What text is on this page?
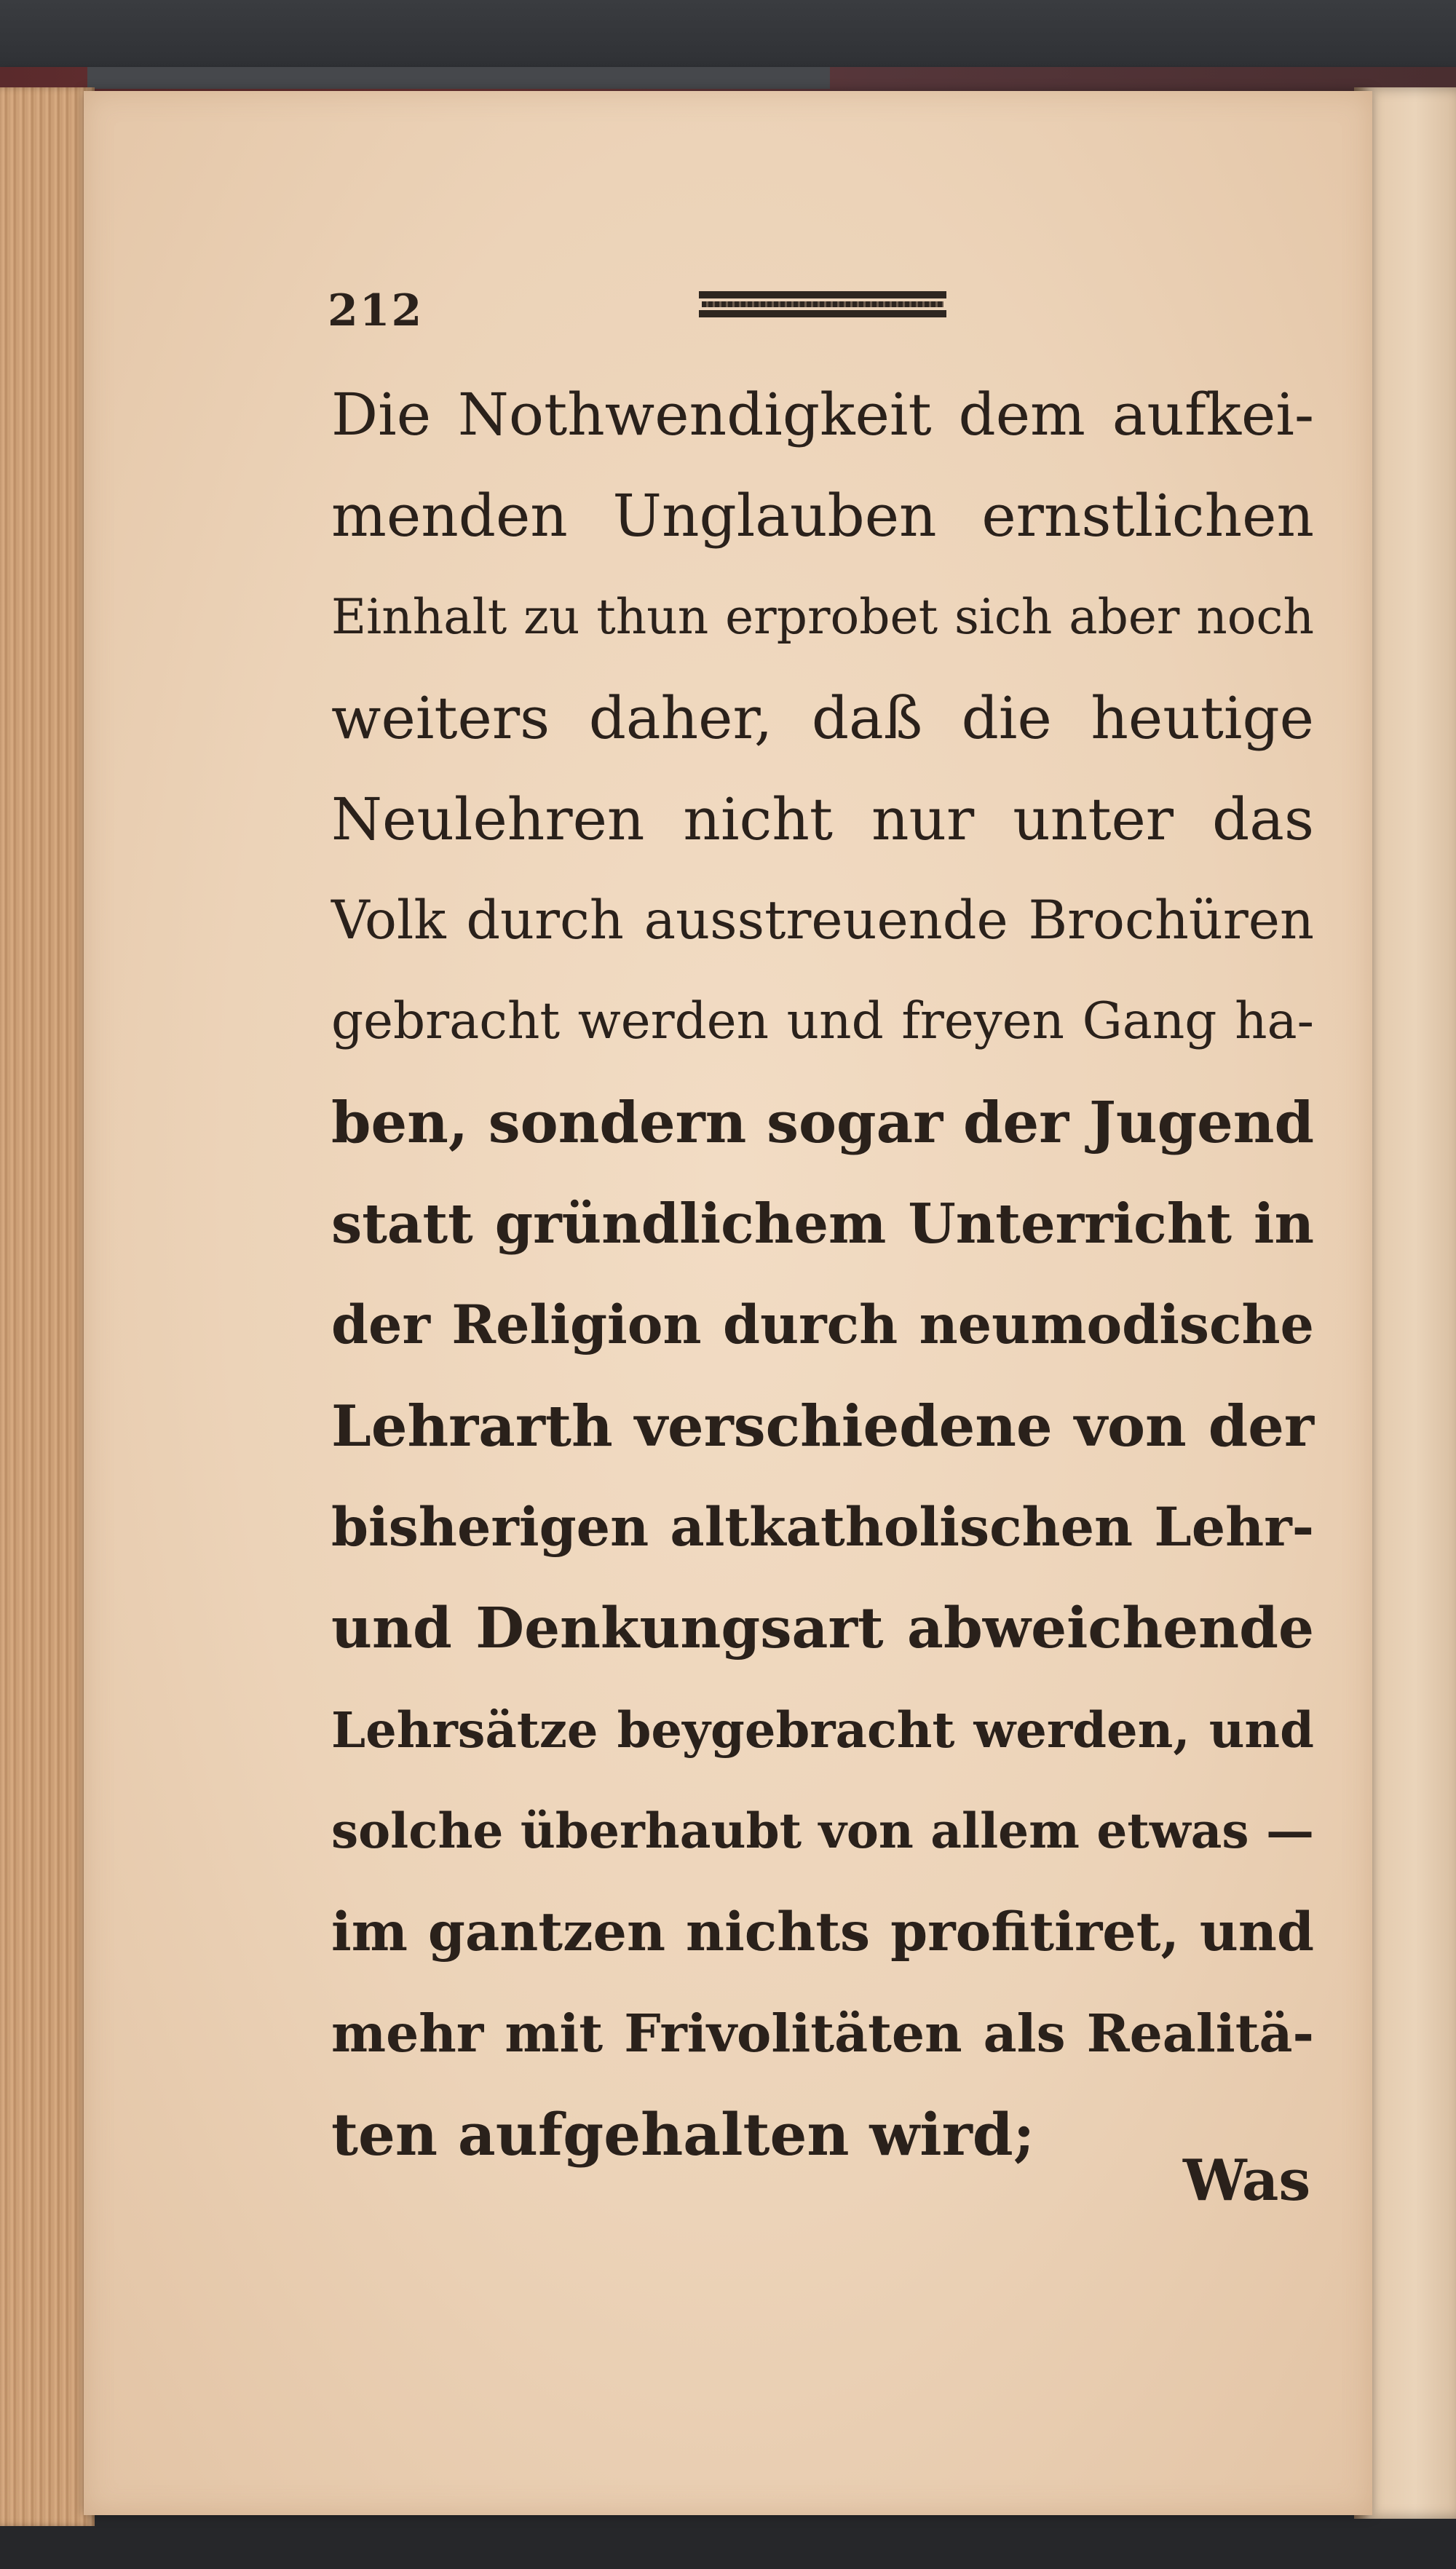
212
Die Nothwendigkeit dem aufkei-
menden Unglauben ernstlichen
Einhalt zu thun erprobet sich aber noch
weiters daher, daß die heutige
Neulehren nicht nur unter das
Volk durch ausstreuende Brochüren
gebracht werden und freyen Gang ha-
ben, sondern sogar der Jugend
statt gründlichem Unterricht in
der Religion durch neumodische
Lehrarth verschiedene von der
bisherigen altkatholischen Lehr-
und Denkungsart abweichende
Lehrsätze beygebracht werden, und
solche überhaubt von allem etwas —
im gantzen nichts profitiret, und
mehr mit Frivolitäten als Realitä-
ten aufgehalten wird;
Was
